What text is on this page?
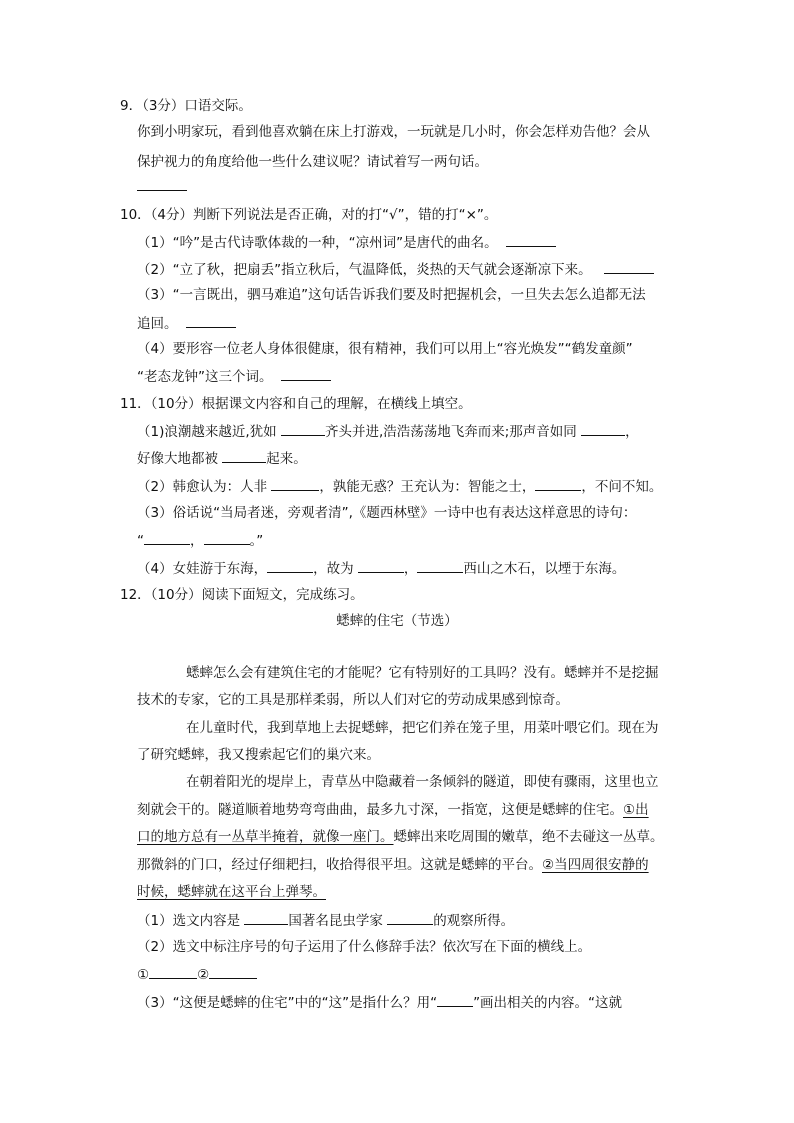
9．（3分）口语交际。
你到小明家玩，看到他喜欢躺在床上打游戏，一玩就是几小时，你会怎样劝告他？会从
保护视力的角度给他一些什么建议呢？请试着写一两句话。
10．（4分）判断下列说法是否正确，对的打“√”，错的打“×”。
（1）“吟”是古代诗歌体裁的一种，“凉州词”是唐代的曲名。
（2）“立了秋，把扇丢”指立秋后，气温降低，炎热的天气就会逐渐凉下来。
（3）“一言既出，驷马难追”这句话告诉我们要及时把握机会，一旦失去怎么追都无法
追回。
（4）要形容一位老人身体很健康，很有精神，我们可以用上“容光焕发”“鹤发童颜”
“老态龙钟”这三个词。
11．（10分）根据课文内容和自己的理解，在横线上填空。
（1)浪潮越来越近,犹如	齐头并进,浩浩荡荡地飞奔而来;那声音如同	，
好像大地都被	起来。
（2）韩愈认为：人非	，孰能无惑？王充认为：智能之士，	，不问不知。
（3）俗话说“当局者迷，旁观者清”,《题西林壁》一诗中也有表达这样意思的诗句：
“	，	。”
（4）女娃游于东海，	，故为	，	西山之木石，以堙于东海。
12．（10分）阅读下面短文，完成练习。
蟋蟀的住宅（节选）
蟋蟀怎么会有建筑住宅的才能呢？它有特别好的工具吗？没有。蟋蟀并不是挖掘
技术的专家，它的工具是那样柔弱，所以人们对它的劳动成果感到惊奇。
在儿童时代，我到草地上去捉蟋蟀，把它们养在笼子里，用菜叶喂它们。现在为
了研究蟋蟀，我又搜索起它们的巢穴来。
在朝着阳光的堤岸上，青草丛中隐藏着一条倾斜的隧道，即使有骤雨，这里也立
刻就会干的。隧道顺着地势弯弯曲曲，最多九寸深，一指宽，这便是蟋蟀的住宅。①出
口的地方总有一丛草半掩着，就像一座门。蟋蟀出来吃周围的嫩草，绝不去碰这一丛草。
那微斜的门口，经过仔细耙扫，收拾得很平坦。这就是蟋蟀的平台。②当四周很安静的
时候，蟋蟀就在这平台上弹琴。
（1）选文内容是	国著名昆虫学家	的观察所得。
（2）选文中标注序号的句子运用了什么修辞手法？依次写在下面的横线上。
①	②
（3）“这便是蟋蟀的住宅”中的“这”是指什么？用“	”画出相关的内容。“这就
